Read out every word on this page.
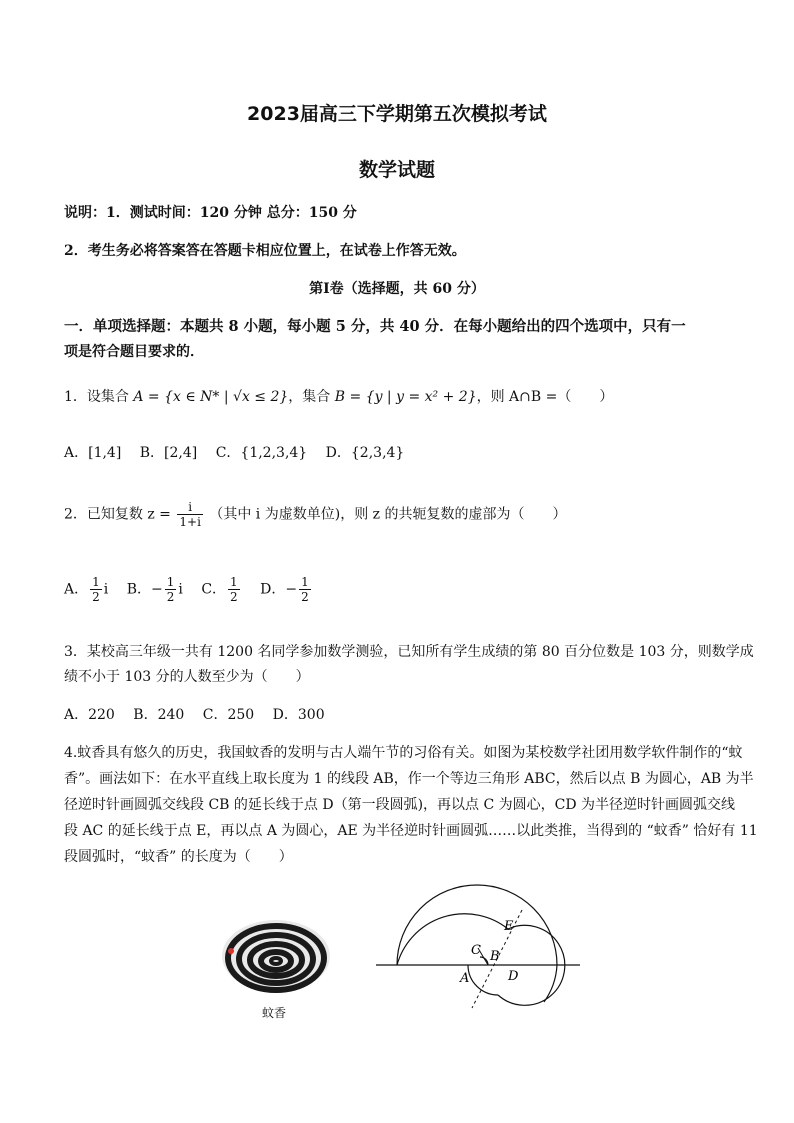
2023届高三下学期第五次模拟考试
数学试题
说明：1．测试时间：120 分钟 总分：150 分
2．考生务必将答案答在答题卡相应位置上，在试卷上作答无效。
第Ⅰ卷（选择题，共 60 分）
一．单项选择题：本题共 8 小题，每小题 5 分，共 40 分．在每小题给出的四个选项中，只有一
项是符合题目要求的．
1．设集合 A = {x ∈ N* | √x ≤ 2}，集合 B = {y | y = x² + 2}，则 A∩B =（　　）
A．[1,4] B．[2,4] C．{1,2,3,4} D．{2,3,4}
2．已知复数 $z = \frac{i}{1+i}$ （其中 i 为虚数单位)，则 z 的共轭复数的虚部为（　　）
A． $\frac{1}{2}$ i B．− $\frac{1}{2}$ i C． $\frac{1}{2}$ D．− $\frac{1}{2}$
3．某校高三年级一共有 1200 名同学参加数学测验，已知所有学生成绩的第 80 百分位数是 103 分，则数学成
绩不小于 103 分的人数至少为（　　）
A．220 B．240 C．250 D．300
4.蚊香具有悠久的历史，我国蚊香的发明与古人端午节的习俗有关。如图为某校数学社团用数学软件制作的“蚊
香”。画法如下：在水平直线上取长度为 1 的线段 AB，作一个等边三角形 ABC，然后以点 B 为圆心，AB 为半
径逆时针画圆弧交线段 CB 的延长线于点 D（第一段圆弧)，再以点 C 为圆心，CD 为半径逆时针画圆弧交线
段 AC 的延长线于点 E，再以点 A 为圆心，AE 为半径逆时针画圆弧……以此类推，当得到的 “蚊香” 恰好有 11
段圆弧时，“蚊香” 的长度为（　　）
蚊香
A
B
C
D
E
